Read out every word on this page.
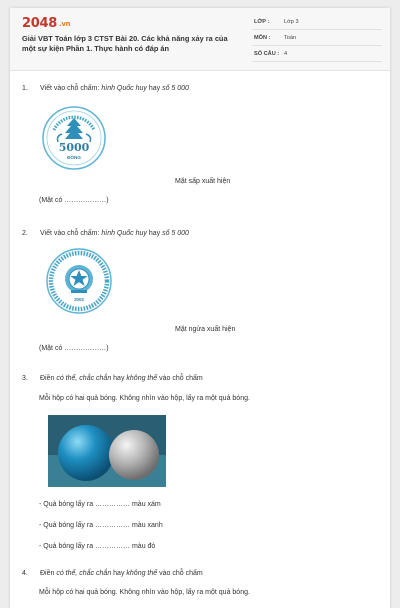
2048 .vn
Giải VBT Toán lớp 3 CTST Bài 20. Các khả năng xảy ra của một sự kiện Phần 1. Thực hành có đáp án
LỚP :	Lớp 3
MÔN : Toán
SỐ CÂU : 4
1. Viết vào chỗ chấm: hình Quốc huy hay số 5 000
5000
ĐỒNG
Mặt sấp xuất hiện
(Mặt có ………………)
2. Viết vào chỗ chấm: hình Quốc huy hay số 5 000
2003
Mặt ngửa xuất hiện
(Mặt có ………………)
3. Điền có thể, chắc chắn hay không thể vào chỗ chấm
Mỗi hộp có hai quả bóng. Không nhìn vào hộp, lấy ra một quả bóng.
- Quả bóng lấy ra …………… màu xám
- Quả bóng lấy ra …………… màu xanh
- Quả bóng lấy ra …………… màu đỏ
4. Điền có thể, chắc chắn hay không thể vào chỗ chấm
Mỗi hộp có hai quả bóng. Không nhìn vào hộp, lấy ra một quả bóng.
